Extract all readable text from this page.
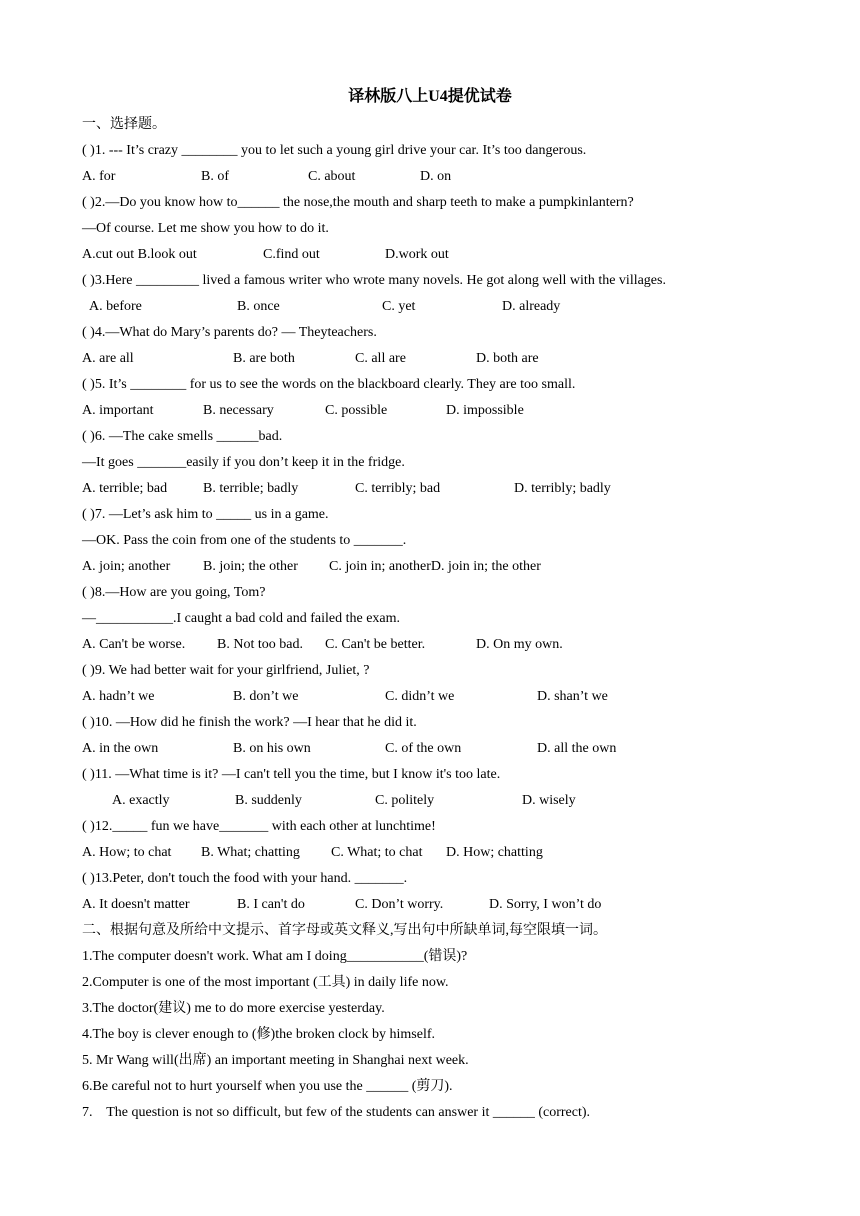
译林版八上U4提优试卷
一、选择题。
( )1. --- It’s crazy ________ you to let such a young girl drive your car. It’s too dangerous.
A. for	B. of	C. about	D. on
( )2.—Do you know how to______ the nose,the mouth and sharp teeth to make a pumpkinlantern?
—Of course. Let me show you how to do it.
A.cut out B.look out	C.find out	D.work out
( )3.Here _________ lived a famous writer who wrote many novels. He got along well with the villages.
A. before	B. once	C. yet	D. already
( )4.—What do Mary’s parents do? — Theyteachers.
A. are all	B. are both	C. all are	D. both are
( )5. It’s ________ for us to see the words on the blackboard clearly. They are too small.
A. important	B. necessary	C. possible	D. impossible
( )6. —The cake smells ______bad.
—It goes _______easily if you don’t keep it in the fridge.
A. terrible; bad	B. terrible; badly	C. terribly; bad	D. terribly; badly
( )7. —Let’s ask him to _____ us in a game.
—OK. Pass the coin from one of the students to _______.
A. join; another B. join; the other C. join in; anotherD. join in; the other
( )8.—How are you going, Tom?
—___________.I caught a bad cold and failed the exam.
A. Can't be worse. B. Not too bad. C. Can't be better.	D. On my own.
( )9. We had better wait for your girlfriend, Juliet, ?
A. hadn’t we	B. don’t we	C. didn’t we	D. shan’t we
( )10. —How did he finish the work? —I hear that he did it.
A. in the own	B. on his own	C. of the own	D. all the own
( )11. —What time is it? —I can't tell you the time, but I know it's too late.
A. exactly	B. suddenly	C. politely	D. wisely
( )12._____ fun we have_______ with each other at lunchtime!
A. How; to chat B. What; chatting C. What; to chat D. How; chatting
( )13.Peter, don't touch the food with your hand. _______.
A. It doesn't matter	B. I can't do	C. Don’t worry.	D. Sorry, I won’t do
二、根据句意及所给中文提示、首字母或英文释义,写出句中所缺单词,每空限填一词。
1.The computer doesn't work. What am I doing___________(错误)?
2.Computer is one of the most important (工具) in daily life now.
3.The doctor(建议) me to do more exercise yesterday.
4.The boy is clever enough to (修)the broken clock by himself.
5. Mr Wang will(出席) an important meeting in Shanghai next week.
6.Be careful not to hurt yourself when you use the ______ (剪刀).
7.    The question is not so difficult, but few of the students can answer it ______ (correct).
